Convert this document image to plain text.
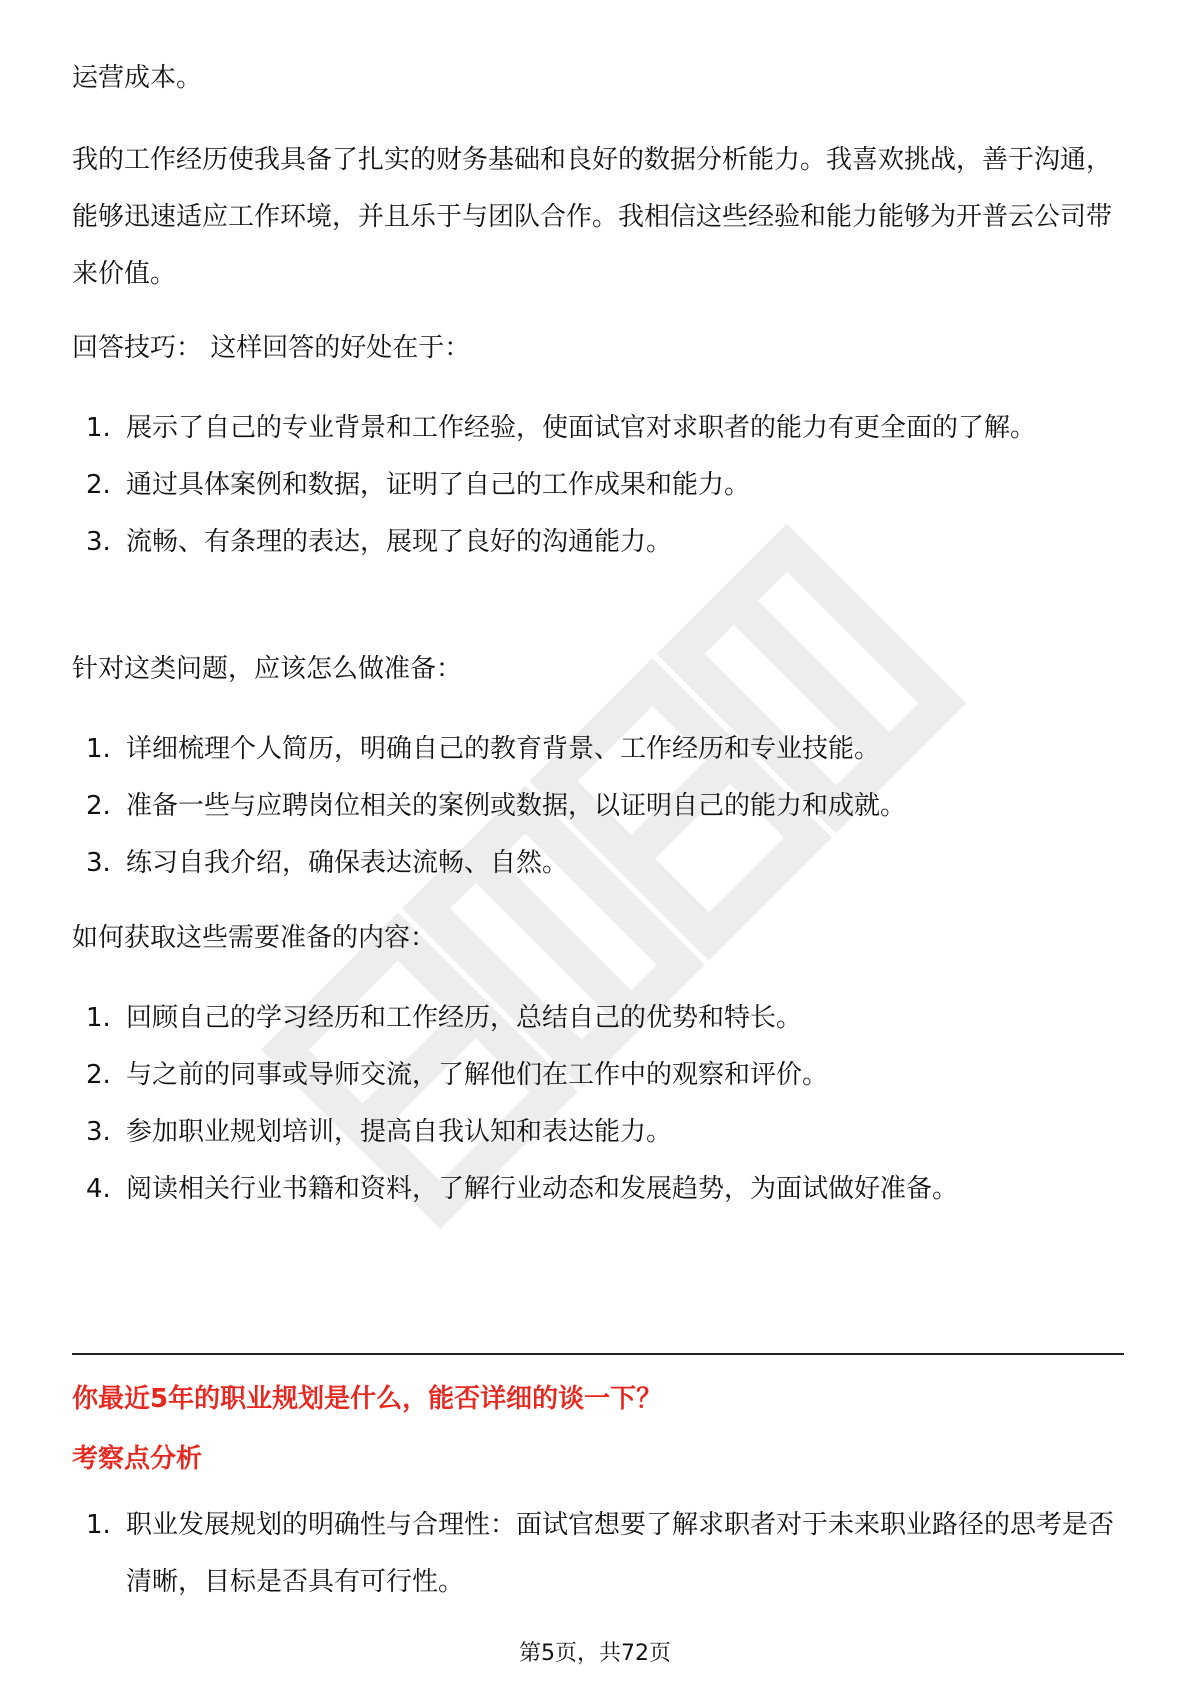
运营成本。

我的工作经历使我具备了扎实的财务基础和良好的数据分析能力。我喜欢挑战，善于沟通，能够迅速适应工作环境，并且乐于与团队合作。我相信这些经验和能力能够为开普云公司带来价值。

回答技巧： 这样回答的好处在于：

1. 展示了自己的专业背景和工作经验，使面试官对求职者的能力有更全面的了解。
2. 通过具体案例和数据，证明了自己的工作成果和能力。
3. 流畅、有条理的表达，展现了良好的沟通能力。

针对这类问题，应该怎么做准备：

1. 详细梳理个人简历，明确自己的教育背景、工作经历和专业技能。
2. 准备一些与应聘岗位相关的案例或数据，以证明自己的能力和成就。
3. 练习自我介绍，确保表达流畅、自然。

如何获取这些需要准备的内容：

1. 回顾自己的学习经历和工作经历，总结自己的优势和特长。
2. 与之前的同事或导师交流，了解他们在工作中的观察和评价。
3. 参加职业规划培训，提高自我认知和表达能力。
4. 阅读相关行业书籍和资料，了解行业动态和发展趋势，为面试做好准备。

你最近5年的职业规划是什么，能否详细的谈一下？

考察点分析

1. 职业发展规划的明确性与合理性：面试官想要了解求职者对于未来职业路径的思考是否清晰，目标是否具有可行性。
第5页，共72页
